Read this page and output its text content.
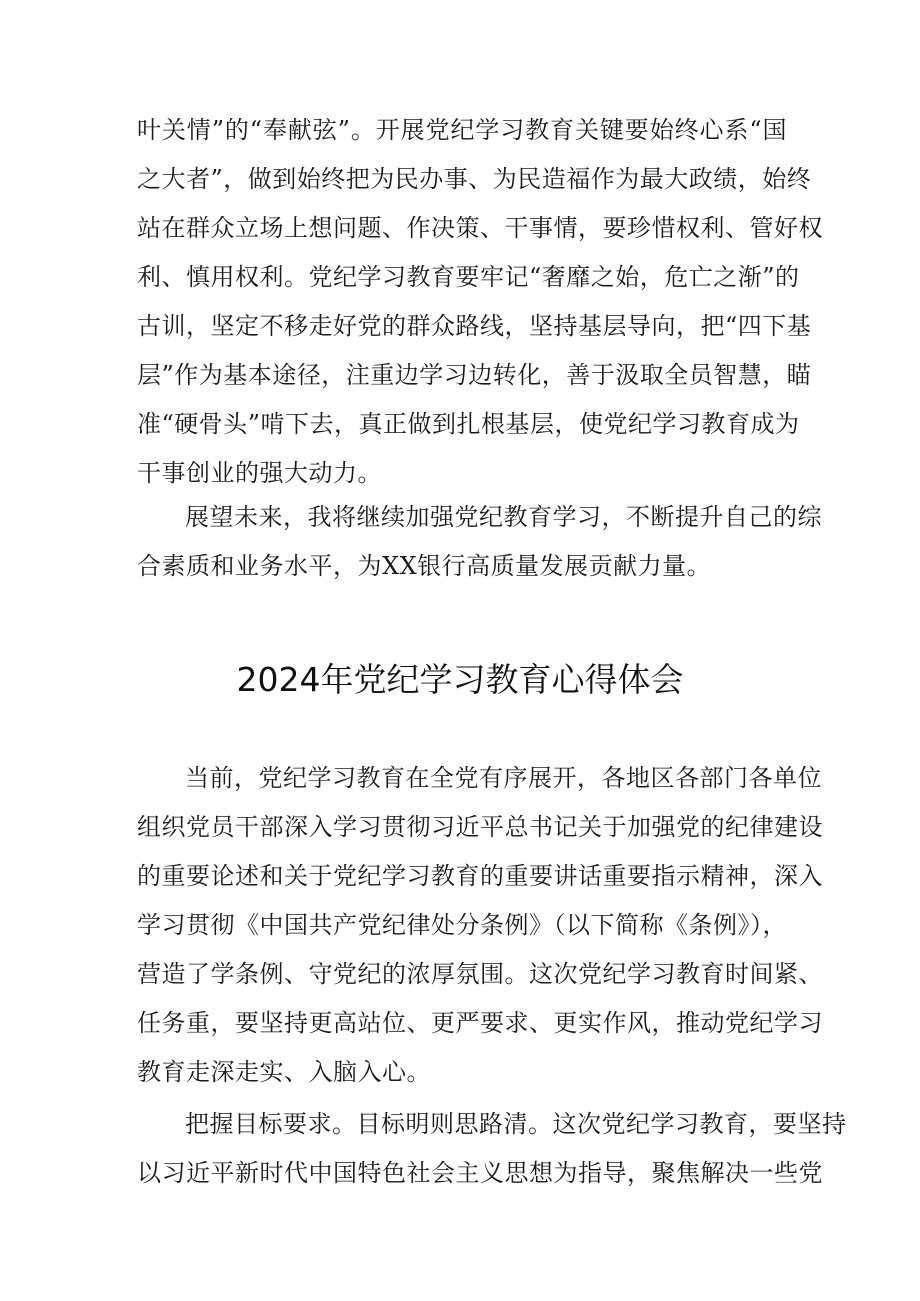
叶关情”的“奉献弦”。开展党纪学习教育关键要始终心系“国
之大者”，做到始终把为民办事、为民造福作为最大政绩，始终
站在群众立场上想问题、作决策、干事情，要珍惜权利、管好权
利、慎用权利。党纪学习教育要牢记“奢靡之始，危亡之渐”的
古训，坚定不移走好党的群众路线，坚持基层导向，把“四下基
层”作为基本途径，注重边学习边转化，善于汲取全员智慧，瞄
准“硬骨头”啃下去，真正做到扎根基层，使党纪学习教育成为
干事创业的强大动力。
展望未来，我将继续加强党纪教育学习，不断提升自己的综
合素质和业务水平，为XX银行高质量发展贡献力量。
2024年党纪学习教育心得体会
当前，党纪学习教育在全党有序展开，各地区各部门各单位
组织党员干部深入学习贯彻习近平总书记关于加强党的纪律建设
的重要论述和关于党纪学习教育的重要讲话重要指示精神，深入
学习贯彻《中国共产党纪律处分条例》（以下简称《条例》），
营造了学条例、守党纪的浓厚氛围。这次党纪学习教育时间紧、
任务重，要坚持更高站位、更严要求、更实作风，推动党纪学习
教育走深走实、入脑入心。
把握目标要求。目标明则思路清。这次党纪学习教育，要坚持
以习近平新时代中国特色社会主义思想为指导，聚焦解决一些党
